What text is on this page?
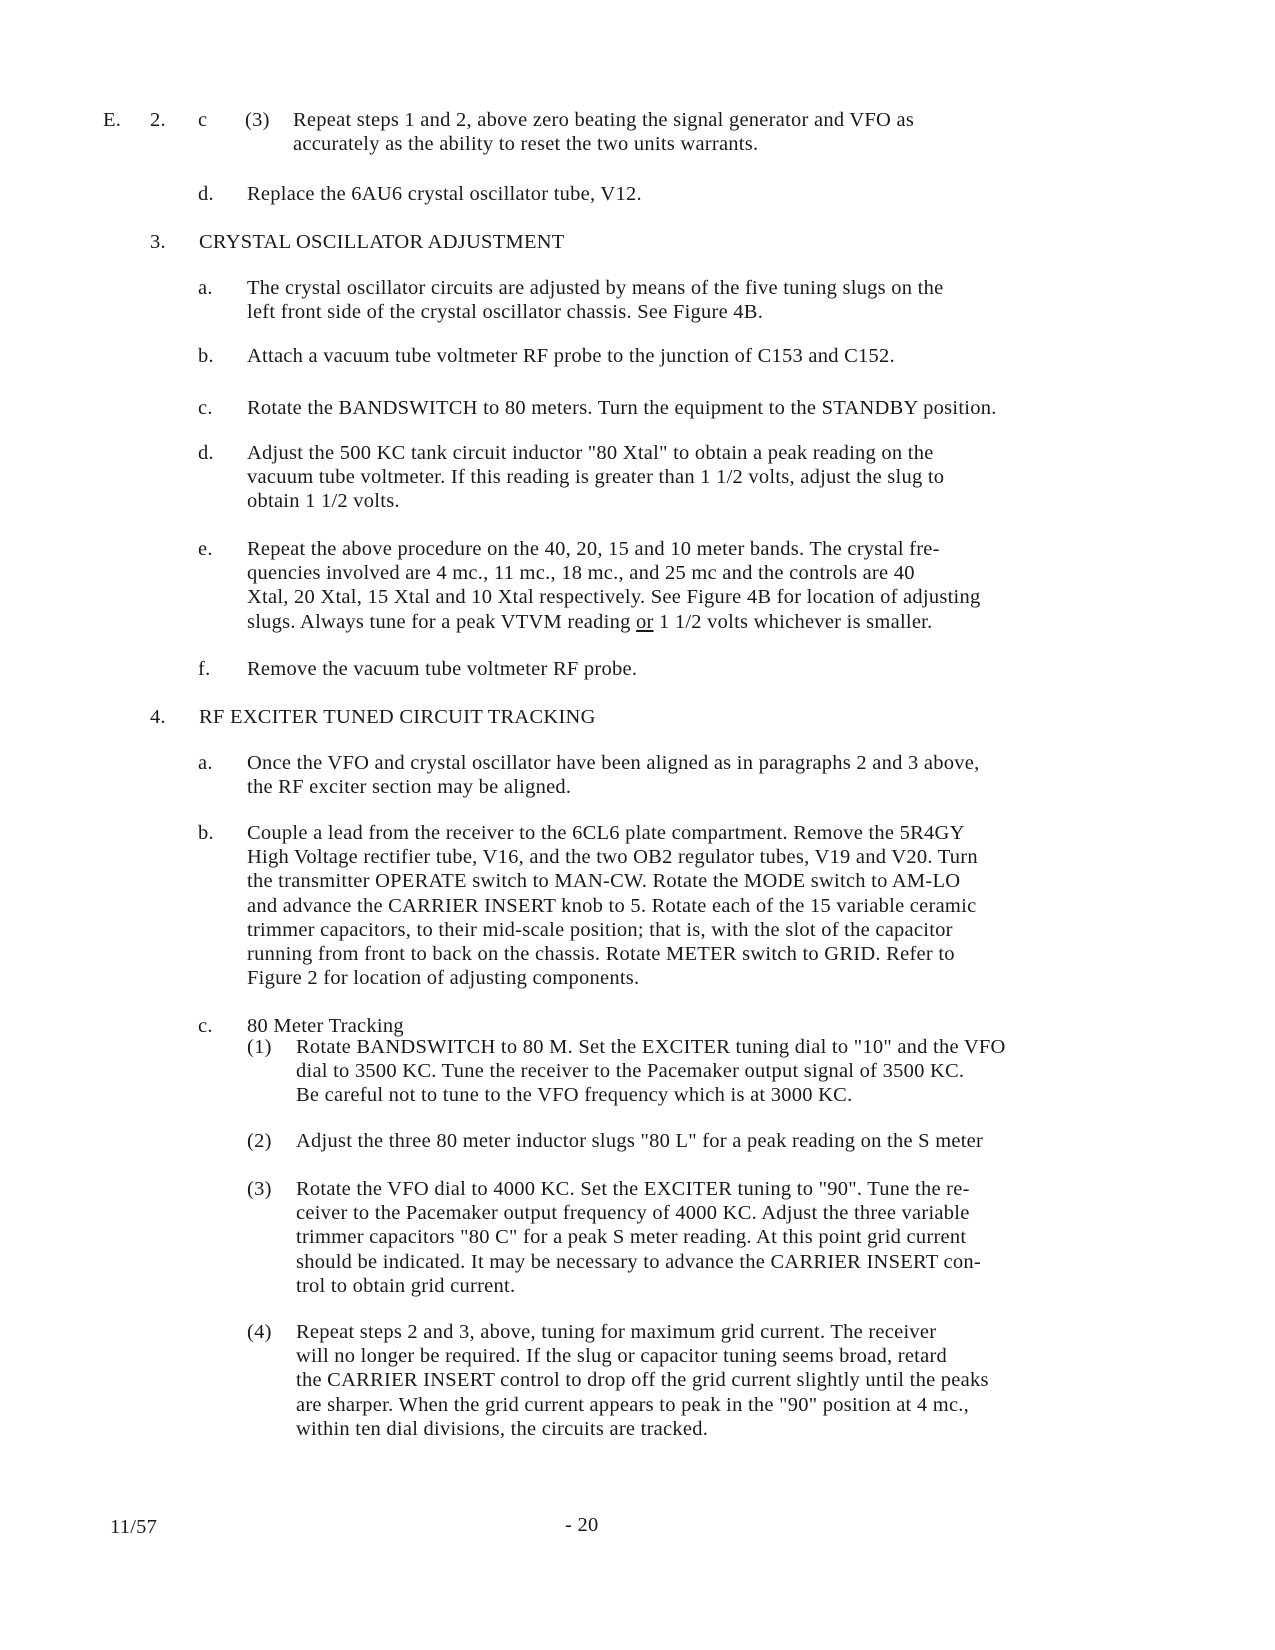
E. 2. c (3) Repeat steps 1 and 2, above zero beating the signal generator and VFO as
accurately as the ability to reset the two units warrants.
d. Replace the 6AU6 crystal oscillator tube, V12.
3. CRYSTAL OSCILLATOR ADJUSTMENT
a. The crystal oscillator circuits are adjusted by means of the five tuning slugs on the
left front side of the crystal oscillator chassis. See Figure 4B.
b. Attach a vacuum tube voltmeter RF probe to the junction of C153 and C152.
c. Rotate the BANDSWITCH to 80 meters. Turn the equipment to the STANDBY position.
d. Adjust the 500 KC tank circuit inductor "80 Xtal" to obtain a peak reading on the
vacuum tube voltmeter. If this reading is greater than 1 1/2 volts, adjust the slug to
obtain 1 1/2 volts.
e. Repeat the above procedure on the 40, 20, 15 and 10 meter bands. The crystal fre-
quencies involved are 4 mc., 11 mc., 18 mc., and 25 mc and the controls are 40
Xtal, 20 Xtal, 15 Xtal and 10 Xtal respectively. See Figure 4B for location of adjusting
slugs. Always tune for a peak VTVM reading or 1 1/2 volts whichever is smaller.
f. Remove the vacuum tube voltmeter RF probe.
4. RF EXCITER TUNED CIRCUIT TRACKING
a. Once the VFO and crystal oscillator have been aligned as in paragraphs 2 and 3 above,
the RF exciter section may be aligned.
b. Couple a lead from the receiver to the 6CL6 plate compartment. Remove the 5R4GY
High Voltage rectifier tube, V16, and the two OB2 regulator tubes, V19 and V20. Turn
the transmitter OPERATE switch to MAN-CW. Rotate the MODE switch to AM-LO
and advance the CARRIER INSERT knob to 5. Rotate each of the 15 variable ceramic
trimmer capacitors, to their mid-scale position; that is, with the slot of the capacitor
running from front to back on the chassis. Rotate METER switch to GRID. Refer to
Figure 2 for location of adjusting components.
c. 80 Meter Tracking
(1) Rotate BANDSWITCH to 80 M. Set the EXCITER tuning dial to "10" and the VFO
dial to 3500 KC. Tune the receiver to the Pacemaker output signal of 3500 KC.
Be careful not to tune to the VFO frequency which is at 3000 KC.
(2) Adjust the three 80 meter inductor slugs "80 L" for a peak reading on the S meter
(3) Rotate the VFO dial to 4000 KC. Set the EXCITER tuning to "90". Tune the re-
ceiver to the Pacemaker output frequency of 4000 KC. Adjust the three variable
trimmer capacitors "80 C" for a peak S meter reading. At this point grid current
should be indicated. It may be necessary to advance the CARRIER INSERT con-
trol to obtain grid current.
(4) Repeat steps 2 and 3, above, tuning for maximum grid current. The receiver
will no longer be required. If the slug or capacitor tuning seems broad, retard
the CARRIER INSERT control to drop off the grid current slightly until the peaks
are sharper. When the grid current appears to peak in the "90" position at 4 mc.,
within ten dial divisions, the circuits are tracked.
11/57	- 20
